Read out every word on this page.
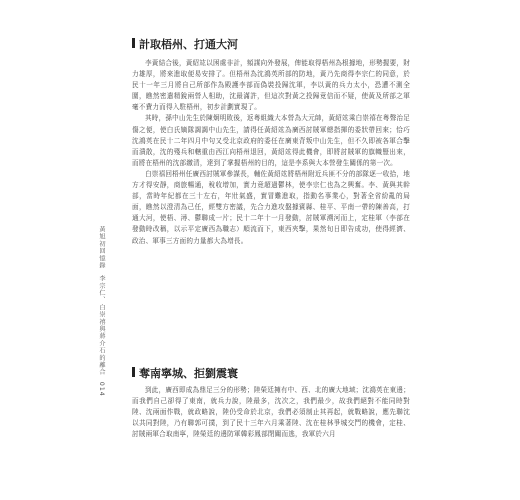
計取梧州、打通大河

李黃結合後，黃紹竑以困處非計，頻謀向外發展，俾能取得梧州為根據地，形勢握要，財力雄厚，將來進取便易安排了。但梧州為沈鴻英所部的防地，黃乃先商得李宗仁的同意，於民十一年三月將自己所部作為殿護李部而偽裝投歸沈軍，李以黃的兵力太小，恐遭不測全圍，瞧然密遣精銳兩營人相助，沈最滿許，但這次對黃之投歸竟信而不疑，使黃及所部之軍毫不費力而得入駐梧州，初步計劃實現了。

其時，孫中山先生於陳炯明敗後，返粵組織大本營為大元帥，黃紹竑乘白崇禧在粵聲治足傷之便，使白氏嫡隊謁謁中山先生，請得任黃紹竑為廣西討賊軍總指揮的委狀帶回來；恰巧沈鴻英在民十二年四月中句又受北京政府的委任在廣東背叛中山先生，但不久即被各軍合擊而潰散，沈的殘兵和轄重由西江向梧州退回，黃紹竑得此機會，即將討賊軍的旗幟豎出來，而將在梧州的沈部繳清，達到了掌握梧州的目的，這是李系與大本營發生關係的第一次。

白崇禧回梧州任廣西討賊軍參謀長，輔佐黃紹竑將梧州附近兵匪不分的部隊逐一收拾，地方才得安靜，商旅暢通，稅收增加，實力竟超過鬱林，使李宗仁也為之興奮。李、黃與其幹部，當時年紀都在三十左右，年壯氣盛，實冒難進取，指動名事業心，對著全省紛亂的局面，瞧然以澄清為己任，經雙方密議，先合力進攻盤據賓縣、桂平、平南一帶的陳善高，打通大河，使梧、潯、鬱聯成一片；民十二年十一月發動，討賊軍溯河而上，定桂軍（李部在發動時改稱，以示平定廣西為職志）順流而下，東西夾擊，果然旬日即告成功，使得經濟、政治、軍事三方面的力量都大為增長。

奪南寧城、拒劉震寰

到此，廣西即成為鼎足三分的形勢；陸榮廷擁有中、西、北的廣大地域；沈鴻英在東邊；而我們自己卻得了東南，就兵力說，陸最多，沈次之，我們最少，故我們絕對不能同時對陸、沈兩面作戰，就政略說，陸仍受命於北京，我們必須制止其再起，就戰略說，應先聯沈以共同對陸，乃有聯郭可撲，到了民十三年六月乘著陸、沈在桂林爭城交鬥的機會，定桂、討賊兩軍合取南寧，陸榮廷的邊防軍韓彩鳳部閉關而逃，我軍於六月

黃旭初回憶錄  李宗仁、白崇禧與蔣介石的離合  014
